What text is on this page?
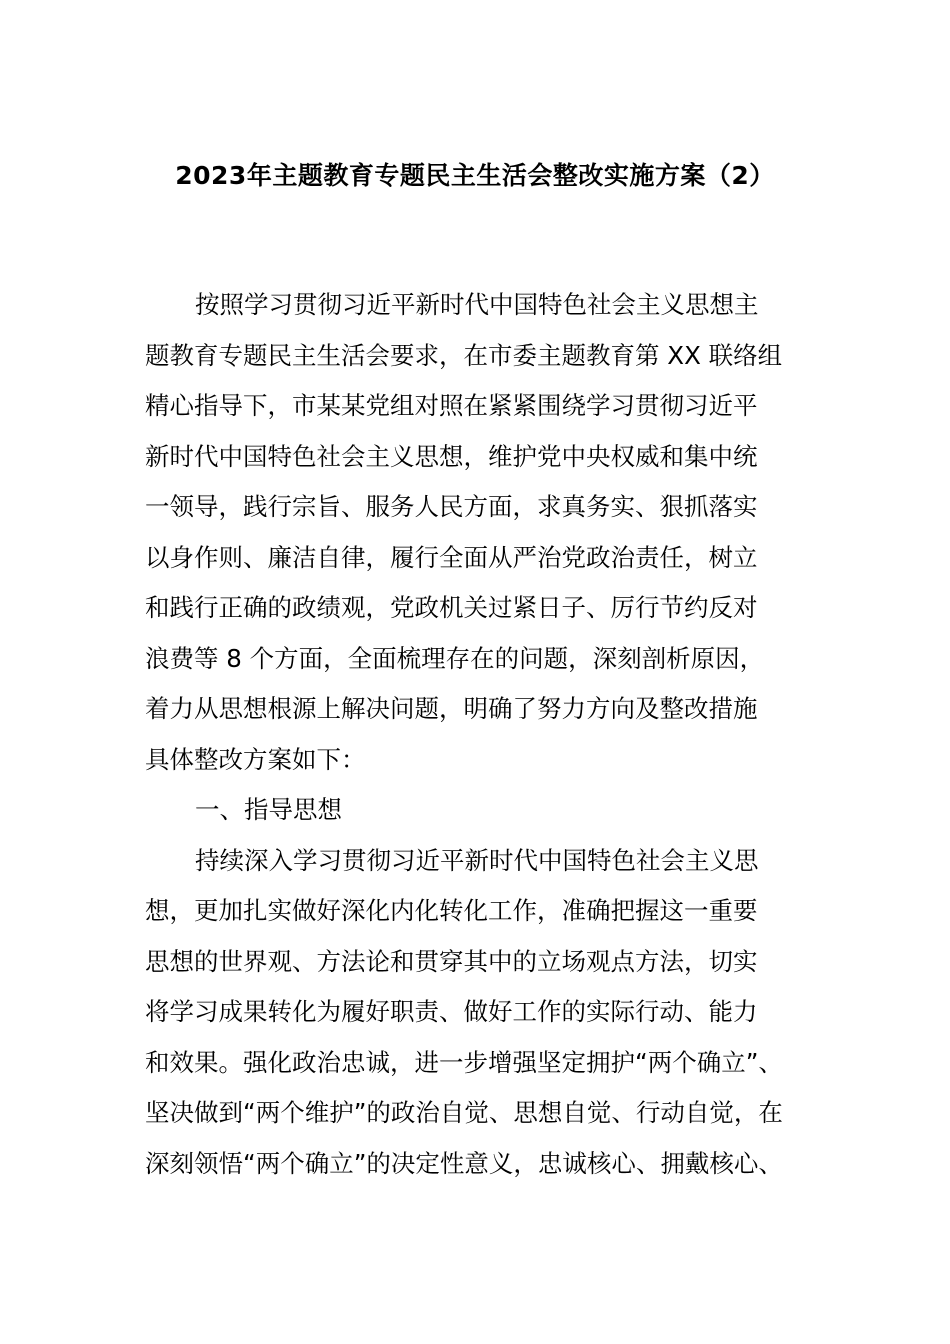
2023年主题教育专题民主生活会整改实施方案（2）
按照学习贯彻习近平新时代中国特色社会主义思想主
题教育专题民主生活会要求，在市委主题教育第 XX 联络组
精心指导下，市某某党组对照在紧紧围绕学习贯彻习近平
新时代中国特色社会主义思想，维护党中央权威和集中统
一领导，践行宗旨、服务人民方面，求真务实、狠抓落实
以身作则、廉洁自律，履行全面从严治党政治责任，树立
和践行正确的政绩观，党政机关过紧日子、厉行节约反对
浪费等 8 个方面，全面梳理存在的问题，深刻剖析原因，
着力从思想根源上解决问题，明确了努力方向及整改措施
具体整改方案如下：
一、指导思想
持续深入学习贯彻习近平新时代中国特色社会主义思
想，更加扎实做好深化内化转化工作，准确把握这一重要
思想的世界观、方法论和贯穿其中的立场观点方法，切实
将学习成果转化为履好职责、做好工作的实际行动、能力
和效果。强化政治忠诚，进一步增强坚定拥护“两个确立”、
坚决做到“两个维护”的政治自觉、思想自觉、行动自觉，在
深刻领悟“两个确立”的决定性意义，忠诚核心、拥戴核心、
